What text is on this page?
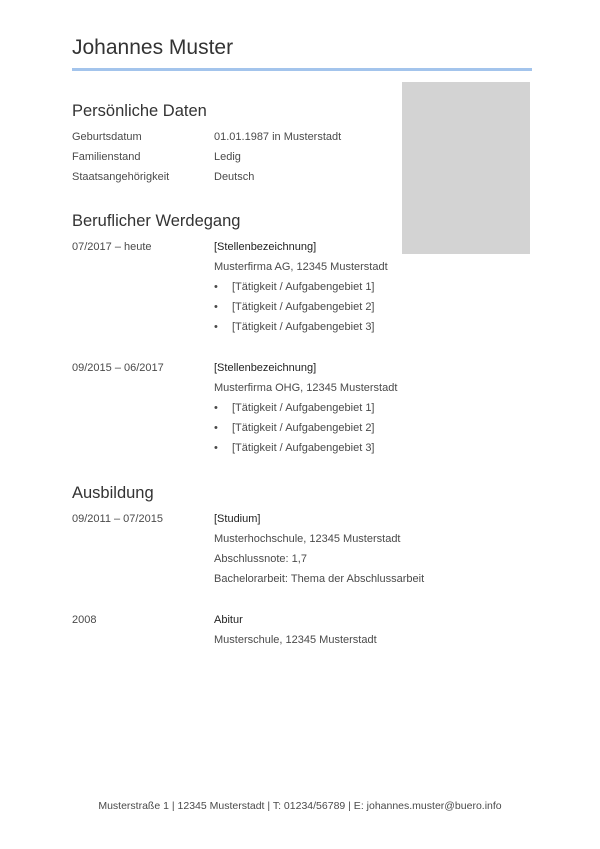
Johannes Muster
Persönliche Daten
Geburtsdatum	01.01.1987 in Musterstadt
Familienstand	Ledig
Staatsangehörigkeit	Deutsch
Beruflicher Werdegang
07/2017 – heute	[Stellenbezeichnung]
Musterfirma AG, 12345 Musterstadt
• [Tätigkeit / Aufgabengebiet 1]
• [Tätigkeit / Aufgabengebiet 2]
• [Tätigkeit / Aufgabengebiet 3]
09/2015 – 06/2017	[Stellenbezeichnung]
Musterfirma OHG, 12345 Musterstadt
• [Tätigkeit / Aufgabengebiet 1]
• [Tätigkeit / Aufgabengebiet 2]
• [Tätigkeit / Aufgabengebiet 3]
Ausbildung
09/2011 – 07/2015	[Studium]
Musterhochschule, 12345 Musterstadt
Abschlussnote: 1,7
Bachelorarbeit: Thema der Abschlussarbeit
2008	Abitur
Musterschule, 12345 Musterstadt
Musterstraße 1 | 12345 Musterstadt | T: 01234/56789 | E: johannes.muster@buero.info
